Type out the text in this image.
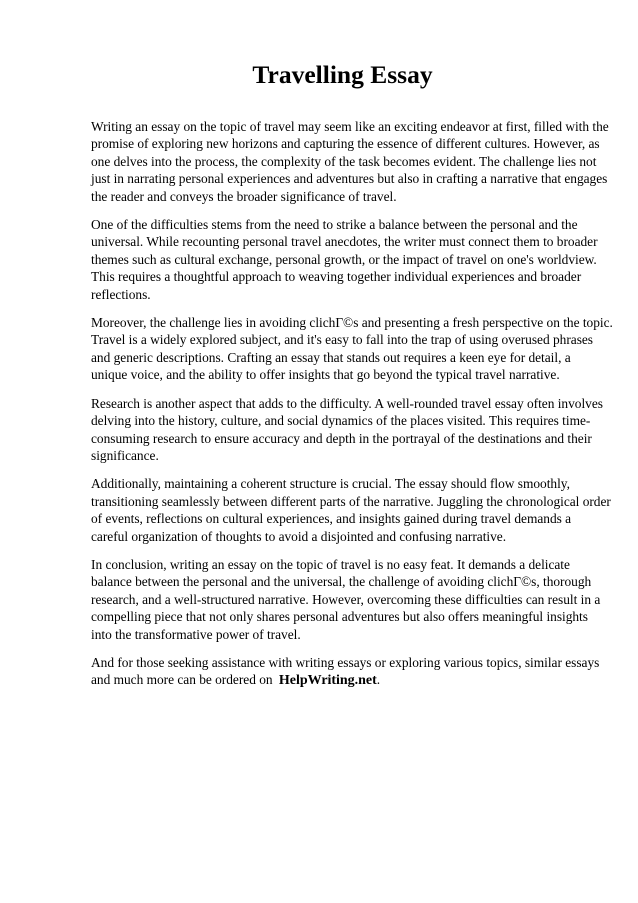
Travelling Essay

Writing an essay on the topic of travel may seem like an exciting endeavor at first, filled with the
promise of exploring new horizons and capturing the essence of different cultures. However, as
one delves into the process, the complexity of the task becomes evident. The challenge lies not
just in narrating personal experiences and adventures but also in crafting a narrative that engages
the reader and conveys the broader significance of travel.

One of the difficulties stems from the need to strike a balance between the personal and the
universal. While recounting personal travel anecdotes, the writer must connect them to broader
themes such as cultural exchange, personal growth, or the impact of travel on one's worldview.
This requires a thoughtful approach to weaving together individual experiences and broader
reflections.

Moreover, the challenge lies in avoiding clichΓ©s and presenting a fresh perspective on the topic.
Travel is a widely explored subject, and it's easy to fall into the trap of using overused phrases
and generic descriptions. Crafting an essay that stands out requires a keen eye for detail, a
unique voice, and the ability to offer insights that go beyond the typical travel narrative.

Research is another aspect that adds to the difficulty. A well-rounded travel essay often involves
delving into the history, culture, and social dynamics of the places visited. This requires time-
consuming research to ensure accuracy and depth in the portrayal of the destinations and their
significance.

Additionally, maintaining a coherent structure is crucial. The essay should flow smoothly,
transitioning seamlessly between different parts of the narrative. Juggling the chronological order
of events, reflections on cultural experiences, and insights gained during travel demands a
careful organization of thoughts to avoid a disjointed and confusing narrative.

In conclusion, writing an essay on the topic of travel is no easy feat. It demands a delicate
balance between the personal and the universal, the challenge of avoiding clichΓ©s, thorough
research, and a well-structured narrative. However, overcoming these difficulties can result in a
compelling piece that not only shares personal adventures but also offers meaningful insights
into the transformative power of travel.

And for those seeking assistance with writing essays or exploring various topics, similar essays
and much more can be ordered on HelpWriting.net.
